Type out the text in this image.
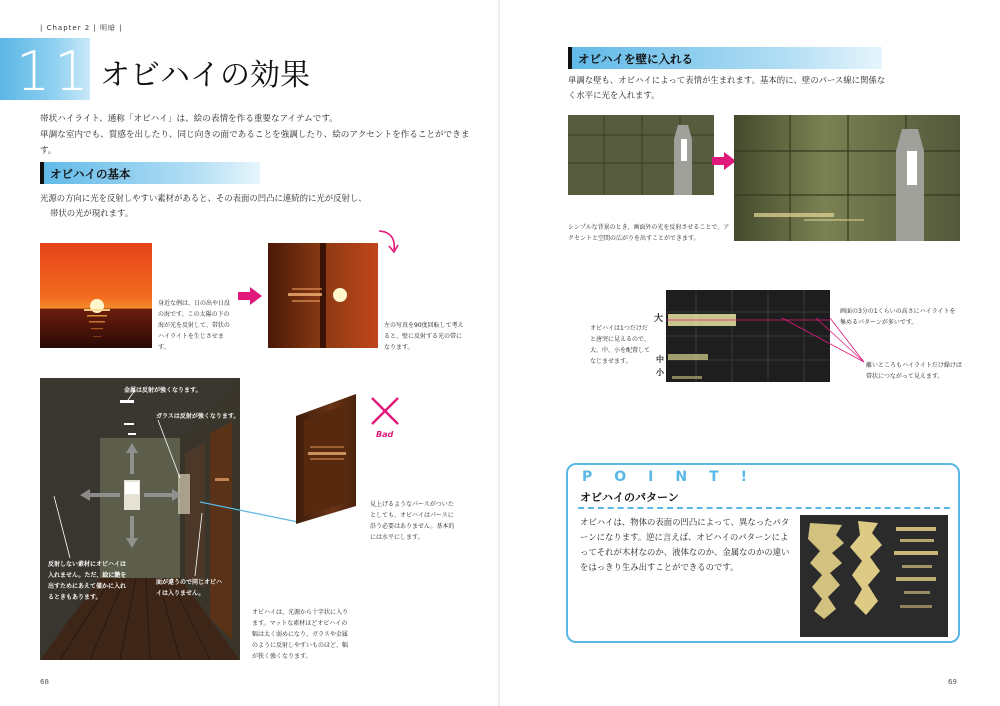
| Chapter 2 | 明暗 |
11 オビハイの効果
帯状ハイライト、通称「オビハイ」は、絵の表情を作る重要なアイテムです。
単調な室内でも、質感を出したり、同じ向きの面であることを強調したり、絵のアクセントを作ることができます。
オビハイの基本
光源の方向に光を反射しやすい素材があると、その表面の凹凸に連続的に光が反射し、
帯状の光が現れます。
身近な例は、日の出や日没の海です。この太陽の下の海が光を反射して、帯状のハイライトを生じさせます。
左の写真を90度回転して考えると、壁に反射する光の帯になります。
金属は反射が強くなります。
ガラスは反射が強くなります。
反射しない素材にオビハイは入れません。ただ、絵に艶を出すためにあえて僅かに入れるときもあります。
面が違うので同じオビハイは入りません。
Bad
見上げるようなパースがついたとしても、オビハイはパースに沿う必要はありません。基本的には水平にします。
オビハイは、光源から十字状に入ります。マットな素材ほどオビハイの幅は太く弱めになり、ガラスや金属のように反射しやすいものほど、幅が狭く強くなります。
68
オビハイを壁に入れる
単調な壁も、オビハイによって表情が生まれます。基本的に、壁のパース線に関係な
く水平に光を入れます。
シンプルな背景のとき、画面外の光を反射させることで、アクセントと空間の広がりを出すことができます。
大
中
小
オビハイは1つだけだと唐突に見えるので、大、中、小を配置してなじませます。
画面の3分の1くらいの高さにハイライトを集めるパターンが多いです。
離いところもハイライトだけ繰けば帯状につながって見えます。
POINT!
オビハイのパターン
オビハイは、物体の表面の凹凸によって、異なったパターンになります。逆に言えば、オビハイのパターンによってそれが木材なのか、液体なのか、金属なのかの違いをはっきり生み出すことができるのです。
69
